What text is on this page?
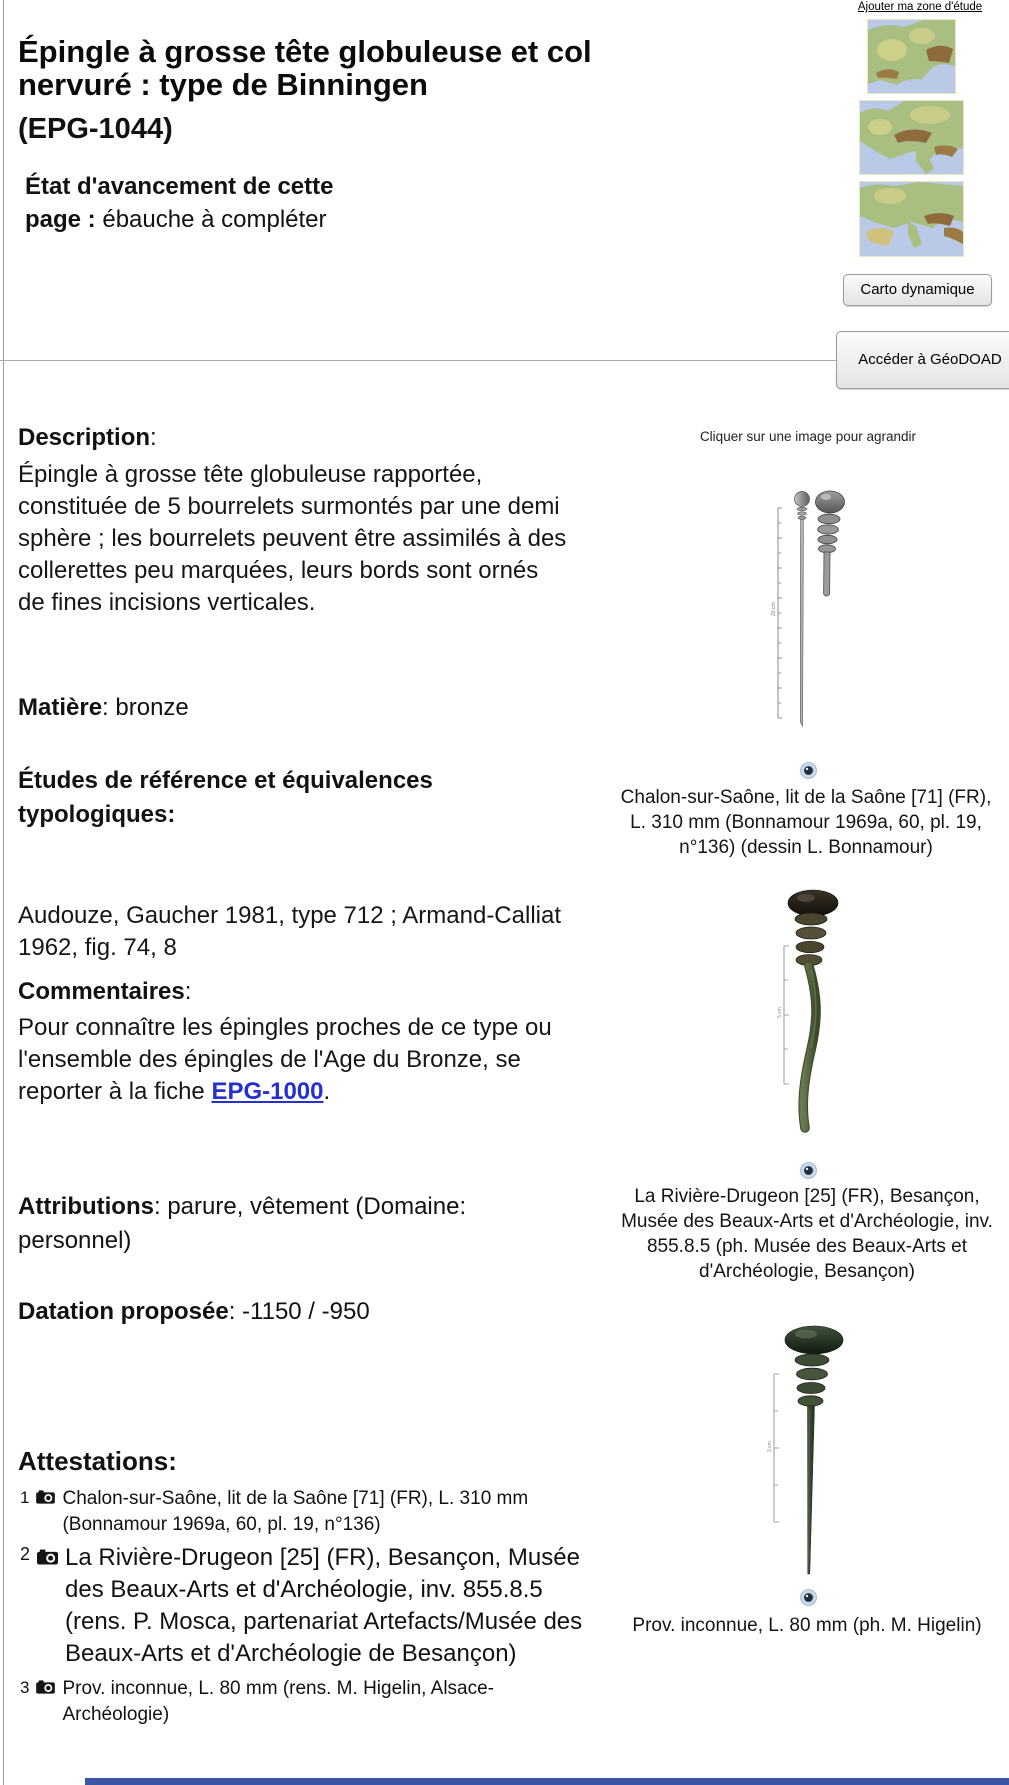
Épingle à grosse tête globuleuse et col nervuré : type de Binningen
(EPG-1044)
État d'avancement de cette page : ébauche à compléter
Ajouter ma zone d'étude
Carto dynamique
Accéder à GéoDOAD
Description:
Épingle à grosse tête globuleuse rapportée, constituée de 5 bourrelets surmontés par une demi sphère ; les bourrelets peuvent être assimilés à des collerettes peu marquées, leurs bords sont ornés de fines incisions verticales.
Matière: bronze
Études de référence et équivalences typologiques:
Audouze, Gaucher 1981, type 712 ; Armand-Calliat 1962, fig. 74, 8
Commentaires:
Pour connaître les épingles proches de ce type ou l'ensemble des épingles de l'Age du Bronze, se reporter à la fiche EPG-1000.
Attributions: parure, vêtement (Domaine: personnel)
Datation proposée: -1150 / -950
Attestations:
1 Chalon-sur-Saône, lit de la Saône [71] (FR), L. 310 mm (Bonnamour 1969a, 60, pl. 19, n°136)
2 La Rivière-Drugeon [25] (FR), Besançon, Musée des Beaux-Arts et d'Archéologie, inv. 855.8.5 (rens. P. Mosca, partenariat Artefacts/Musée des Beaux-Arts et d'Archéologie de Besançon)
3 Prov. inconnue, L. 80 mm (rens. M. Higelin, Alsace-Archéologie)
Cliquer sur une image pour agrandir
20 cm
Chalon-sur-Saône, lit de la Saône [71] (FR), L. 310 mm (Bonnamour 1969a, 60, pl. 19, n°136) (dessin L. Bonnamour)
5 cm
La Rivière-Drugeon [25] (FR), Besançon, Musée des Beaux-Arts et d'Archéologie, inv. 855.8.5 (ph. Musée des Beaux-Arts et d'Archéologie, Besançon)
3 cm
Prov. inconnue, L. 80 mm (ph. M. Higelin)
